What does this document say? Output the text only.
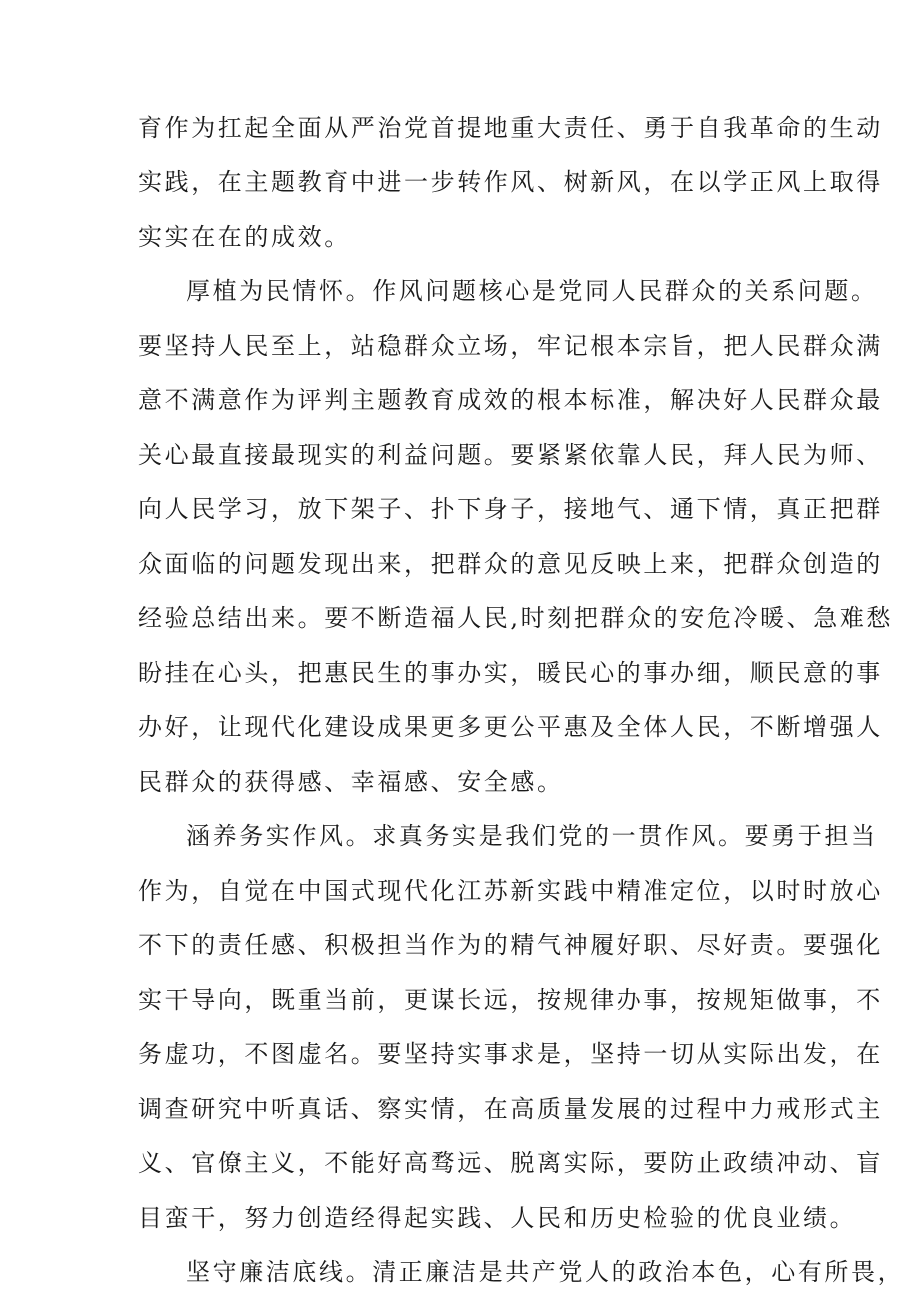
育作为扛起全面从严治党首提地重大责任、勇于自我革命的生动
实践，在主题教育中进一步转作风、树新风，在以学正风上取得
实实在在的成效。
厚植为民情怀。作风问题核心是党同人民群众的关系问题。
要坚持人民至上，站稳群众立场，牢记根本宗旨，把人民群众满
意不满意作为评判主题教育成效的根本标准，解决好人民群众最
关心最直接最现实的利益问题。要紧紧依靠人民，拜人民为师、
向人民学习，放下架子、扑下身子，接地气、通下情，真正把群
众面临的问题发现出来，把群众的意见反映上来，把群众创造的
经验总结出来。要不断造福人民,时刻把群众的安危冷暖、急难愁
盼挂在心头，把惠民生的事办实，暖民心的事办细，顺民意的事
办好，让现代化建设成果更多更公平惠及全体人民，不断增强人
民群众的获得感、幸福感、安全感。
涵养务实作风。求真务实是我们党的一贯作风。要勇于担当
作为，自觉在中国式现代化江苏新实践中精准定位，以时时放心
不下的责任感、积极担当作为的精气神履好职、尽好责。要强化
实干导向，既重当前，更谋长远，按规律办事，按规矩做事，不
务虚功，不图虚名。要坚持实事求是，坚持一切从实际出发，在
调查研究中听真话、察实情，在高质量发展的过程中力戒形式主
义、官僚主义，不能好高骛远、脱离实际，要防止政绩冲动、盲
目蛮干，努力创造经得起实践、人民和历史检验的优良业绩。
坚守廉洁底线。清正廉洁是共产党人的政治本色，心有所畏，
